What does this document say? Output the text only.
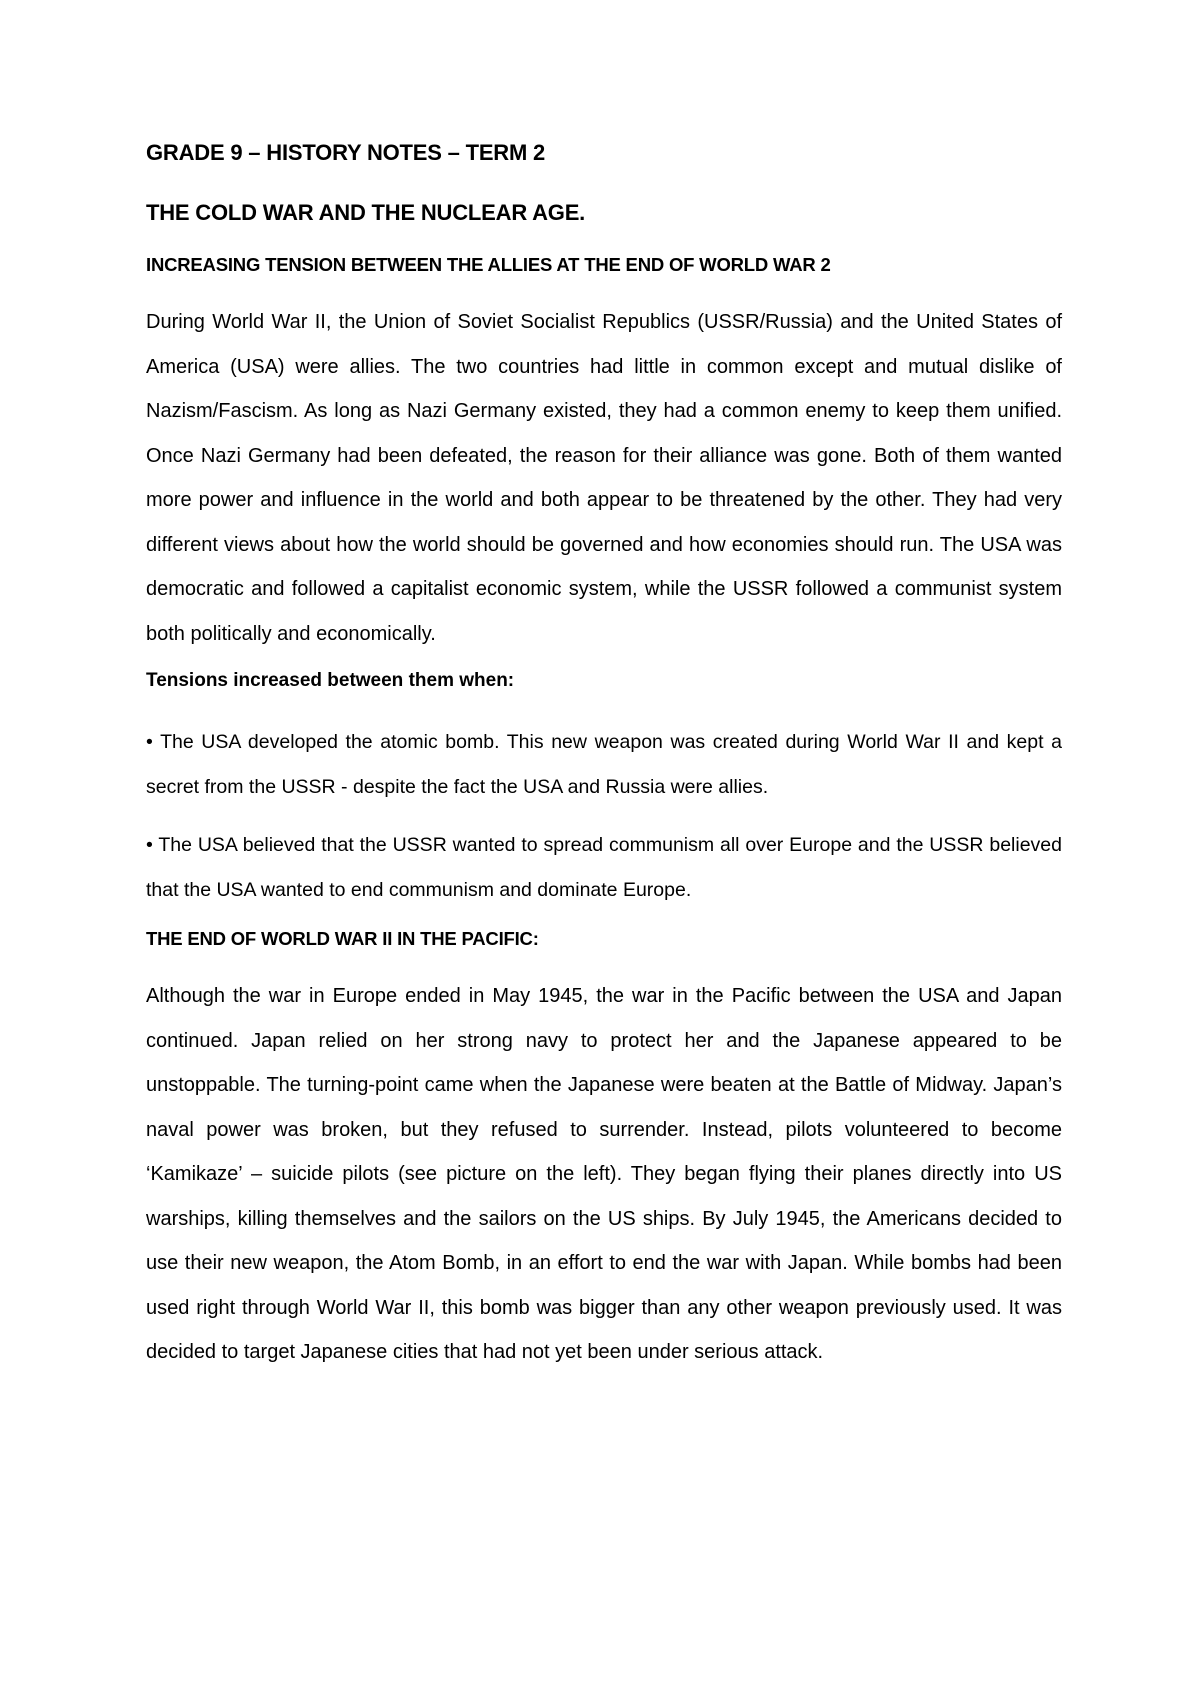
GRADE 9 – HISTORY NOTES – TERM 2
THE COLD WAR AND THE NUCLEAR AGE.
INCREASING TENSION BETWEEN THE ALLIES AT THE END OF WORLD WAR 2

During World War II, the Union of Soviet Socialist Republics (USSR/Russia) and the United States of America (USA) were allies. The two countries had little in common except and mutual dislike of Nazism/Fascism. As long as Nazi Germany existed, they had a common enemy to keep them unified. Once Nazi Germany had been defeated, the reason for their alliance was gone. Both of them wanted more power and influence in the world and both appear to be threatened by the other. They had very different views about how the world should be governed and how economies should run. The USA was democratic and followed a capitalist economic system, while the USSR followed a communist system both politically and economically.

Tensions increased between them when:

• The USA developed the atomic bomb. This new weapon was created during World War II and kept a secret from the USSR - despite the fact the USA and Russia were allies.

• The USA believed that the USSR wanted to spread communism all over Europe and the USSR believed that the USA wanted to end communism and dominate Europe.

THE END OF WORLD WAR II IN THE PACIFIC:

Although the war in Europe ended in May 1945, the war in the Pacific between the USA and Japan continued. Japan relied on her strong navy to protect her and the Japanese appeared to be unstoppable. The turning-point came when the Japanese were beaten at the Battle of Midway. Japan’s naval power was broken, but they refused to surrender. Instead, pilots volunteered to become ‘Kamikaze’ – suicide pilots (see picture on the left). They began flying their planes directly into US warships, killing themselves and the sailors on the US ships. By July 1945, the Americans decided to use their new weapon, the Atom Bomb, in an effort to end the war with Japan. While bombs had been used right through World War II, this bomb was bigger than any other weapon previously used. It was decided to target Japanese cities that had not yet been under serious attack.
